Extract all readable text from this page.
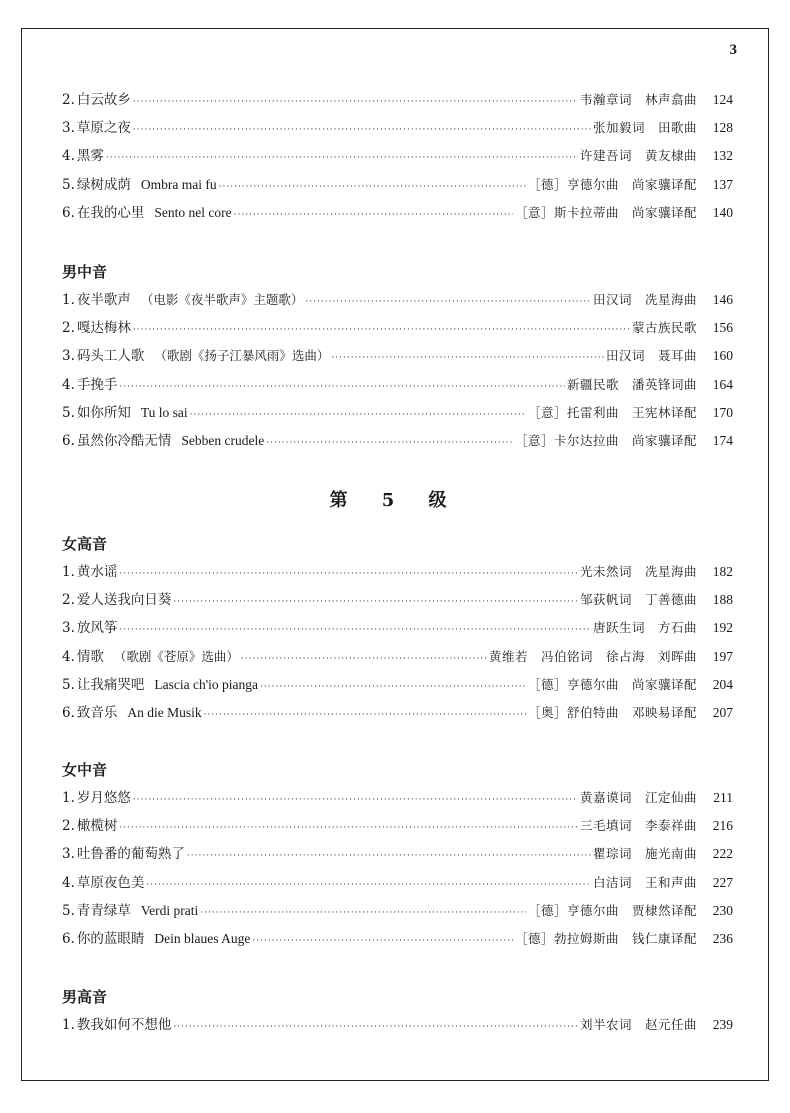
3
2. 白云故乡 ·····	韦瀚章词　林声翕曲	124
3. 草原之夜 ·····	张加毅词　田歌曲	128
4. 黑雾 ·····	许建吾词　黄友棣曲	132
5. 绿树成荫 Ombra mai fu ·····	［德］亨德尔曲　尚家骧译配	137
6. 在我的心里 Sento nel core ·····	［意］斯卡拉蒂曲　尚家骧译配	140
男中音
1. 夜半歌声 （电影《夜半歌声》主题歌） ·····	田汉词　冼星海曲	146
2. 嘎达梅林 ·····	蒙古族民歌	156
3. 码头工人歌 （歌剧《扬子江暴风雨》选曲） ·····	田汉词　聂耳曲	160
4. 手挽手 ·····	新疆民歌　潘英锋词曲	164
5. 如你所知 Tu lo sai ·····	［意］托雷利曲　王宪林译配	170
6. 虽然你冷酷无情 Sebben crudele ·····	［意］卡尔达拉曲　尚家骧译配	174
第 5 级
女高音
1. 黄水谣 ·····	光未然词　冼星海曲	182
2. 爱人送我向日葵 ·····	邹荻帆词　丁善德曲	188
3. 放风筝 ·····	唐跃生词　方石曲	192
4. 情歌 （歌剧《苍原》选曲） ·····	黄维若　冯伯铭词　徐占海　刘晖曲	197
5. 让我痛哭吧 Lascia ch'io pianga ·····	［德］亨德尔曲　尚家骧译配	204
6. 致音乐 An die Musik ·····	［奥］舒伯特曲　邓映易译配	207
女中音
1. 岁月悠悠 ·····	黄嘉谟词　江定仙曲	211
2. 橄榄树 ·····	三毛填词　李泰祥曲	216
3. 吐鲁番的葡萄熟了 ·····	瞿琮词　施光南曲	222
4. 草原夜色美 ·····	白洁词　王和声曲	227
5. 青青绿草 Verdi prati ·····	［德］亨德尔曲　贾棣然译配	230
6. 你的蓝眼睛 Dein blaues Auge ·····	［德］勃拉姆斯曲　钱仁康译配	236
男高音
1. 教我如何不想他 ·····	刘半农词　赵元任曲	239
